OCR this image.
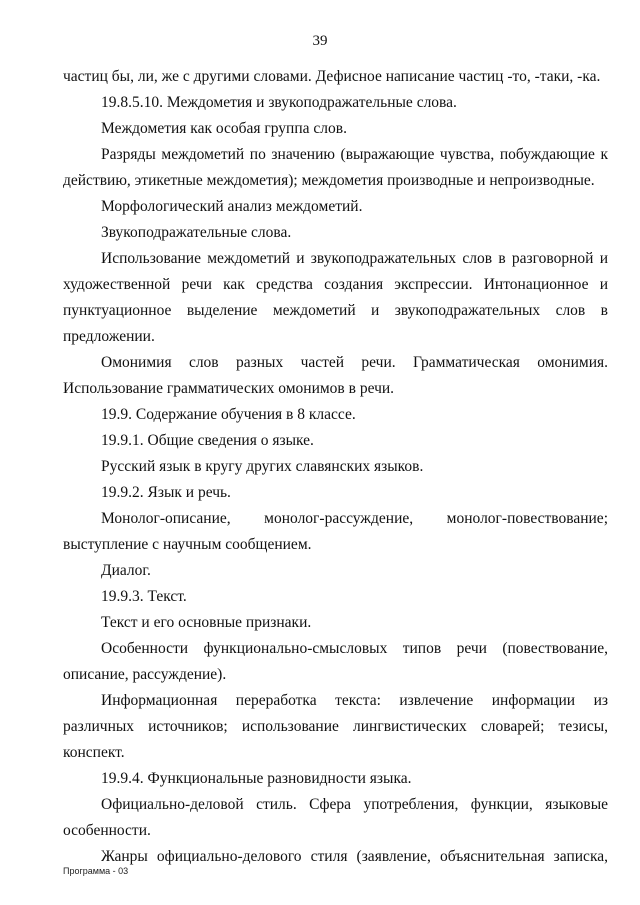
39

частиц бы, ли, же с другими словами. Дефисное написание частиц -то, -таки, -ка.

19.8.5.10. Междометия и звукоподражательные слова.

Междометия как особая группа слов.

Разряды междометий по значению (выражающие чувства, побуждающие к действию, этикетные междометия); междометия производные и непроизводные.

Морфологический анализ междометий.

Звукоподражательные слова.

Использование междометий и звукоподражательных слов в разговорной и художественной речи как средства создания экспрессии. Интонационное и пунктуационное выделение междометий и звукоподражательных слов в предложении.

Омонимия слов разных частей речи. Грамматическая омонимия. Использование грамматических омонимов в речи.

19.9. Содержание обучения в 8 классе.

19.9.1. Общие сведения о языке.

Русский язык в кругу других славянских языков.

19.9.2. Язык и речь.

Монолог-описание, монолог-рассуждение, монолог-повествование; выступление с научным сообщением.

Диалог.

19.9.3. Текст.

Текст и его основные признаки.

Особенности функционально-смысловых типов речи (повествование, описание, рассуждение).

Информационная переработка текста: извлечение информации из различных источников; использование лингвистических словарей; тезисы, конспект.

19.9.4. Функциональные разновидности языка.

Официально-деловой стиль. Сфера употребления, функции, языковые особенности.

Жанры официально-делового стиля (заявление, объяснительная записка,

Программа - 03
